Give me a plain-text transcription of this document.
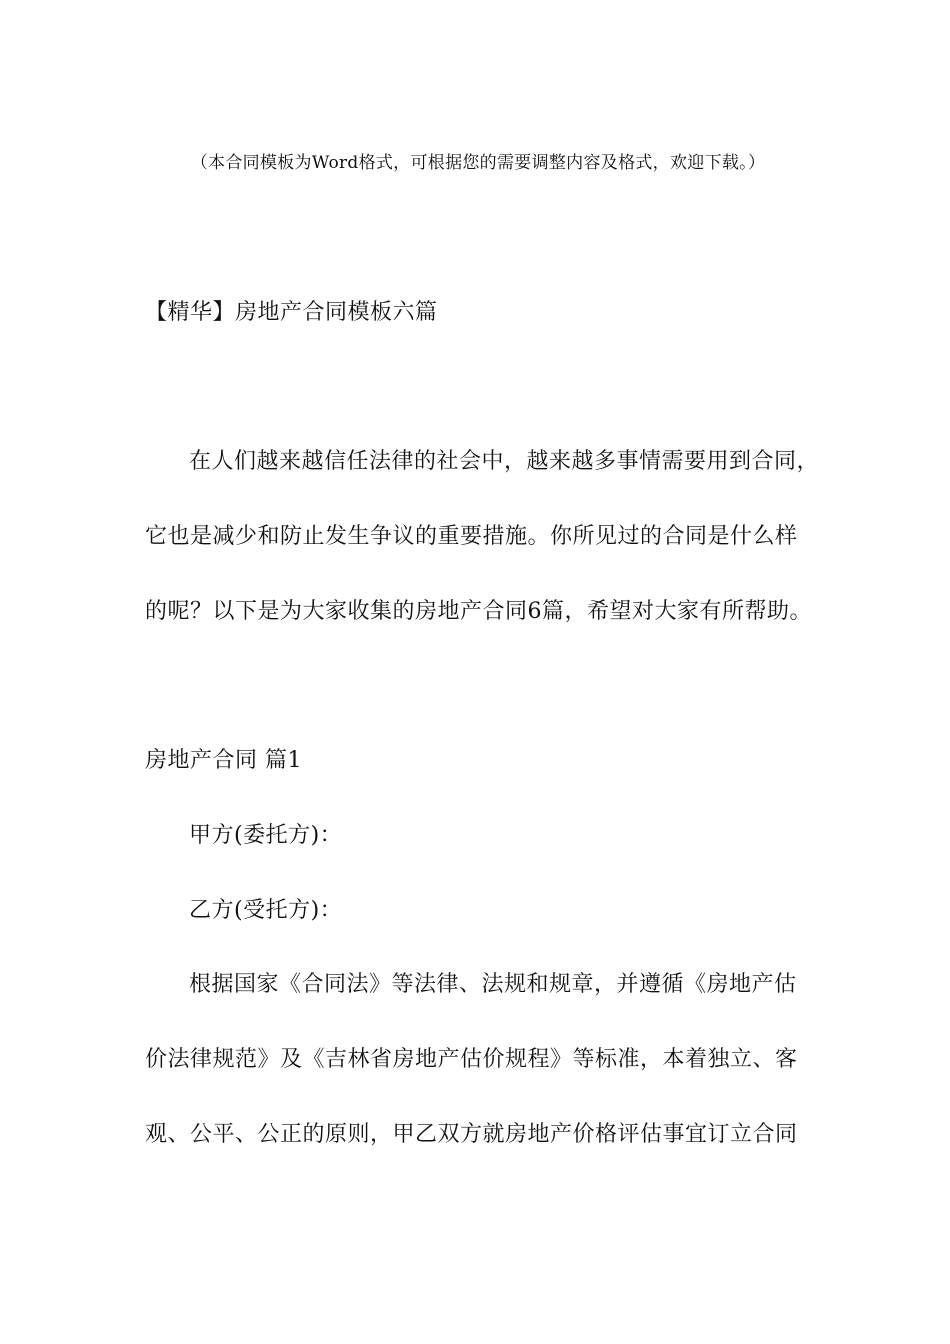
（本合同模板为Word格式，可根据您的需要调整内容及格式，欢迎下载。）
【精华】房地产合同模板六篇
在人们越来越信任法律的社会中，越来越多事情需要用到合同，
它也是减少和防止发生争议的重要措施。你所见过的合同是什么样
的呢？以下是为大家收集的房地产合同6篇，希望对大家有所帮助。
房地产合同 篇1
甲方(委托方)：
乙方(受托方)：
根据国家《合同法》等法律、法规和规章，并遵循《房地产估
价法律规范》及《吉林省房地产估价规程》等标准，本着独立、客
观、公平、公正的原则，甲乙双方就房地产价格评估事宜订立合同
